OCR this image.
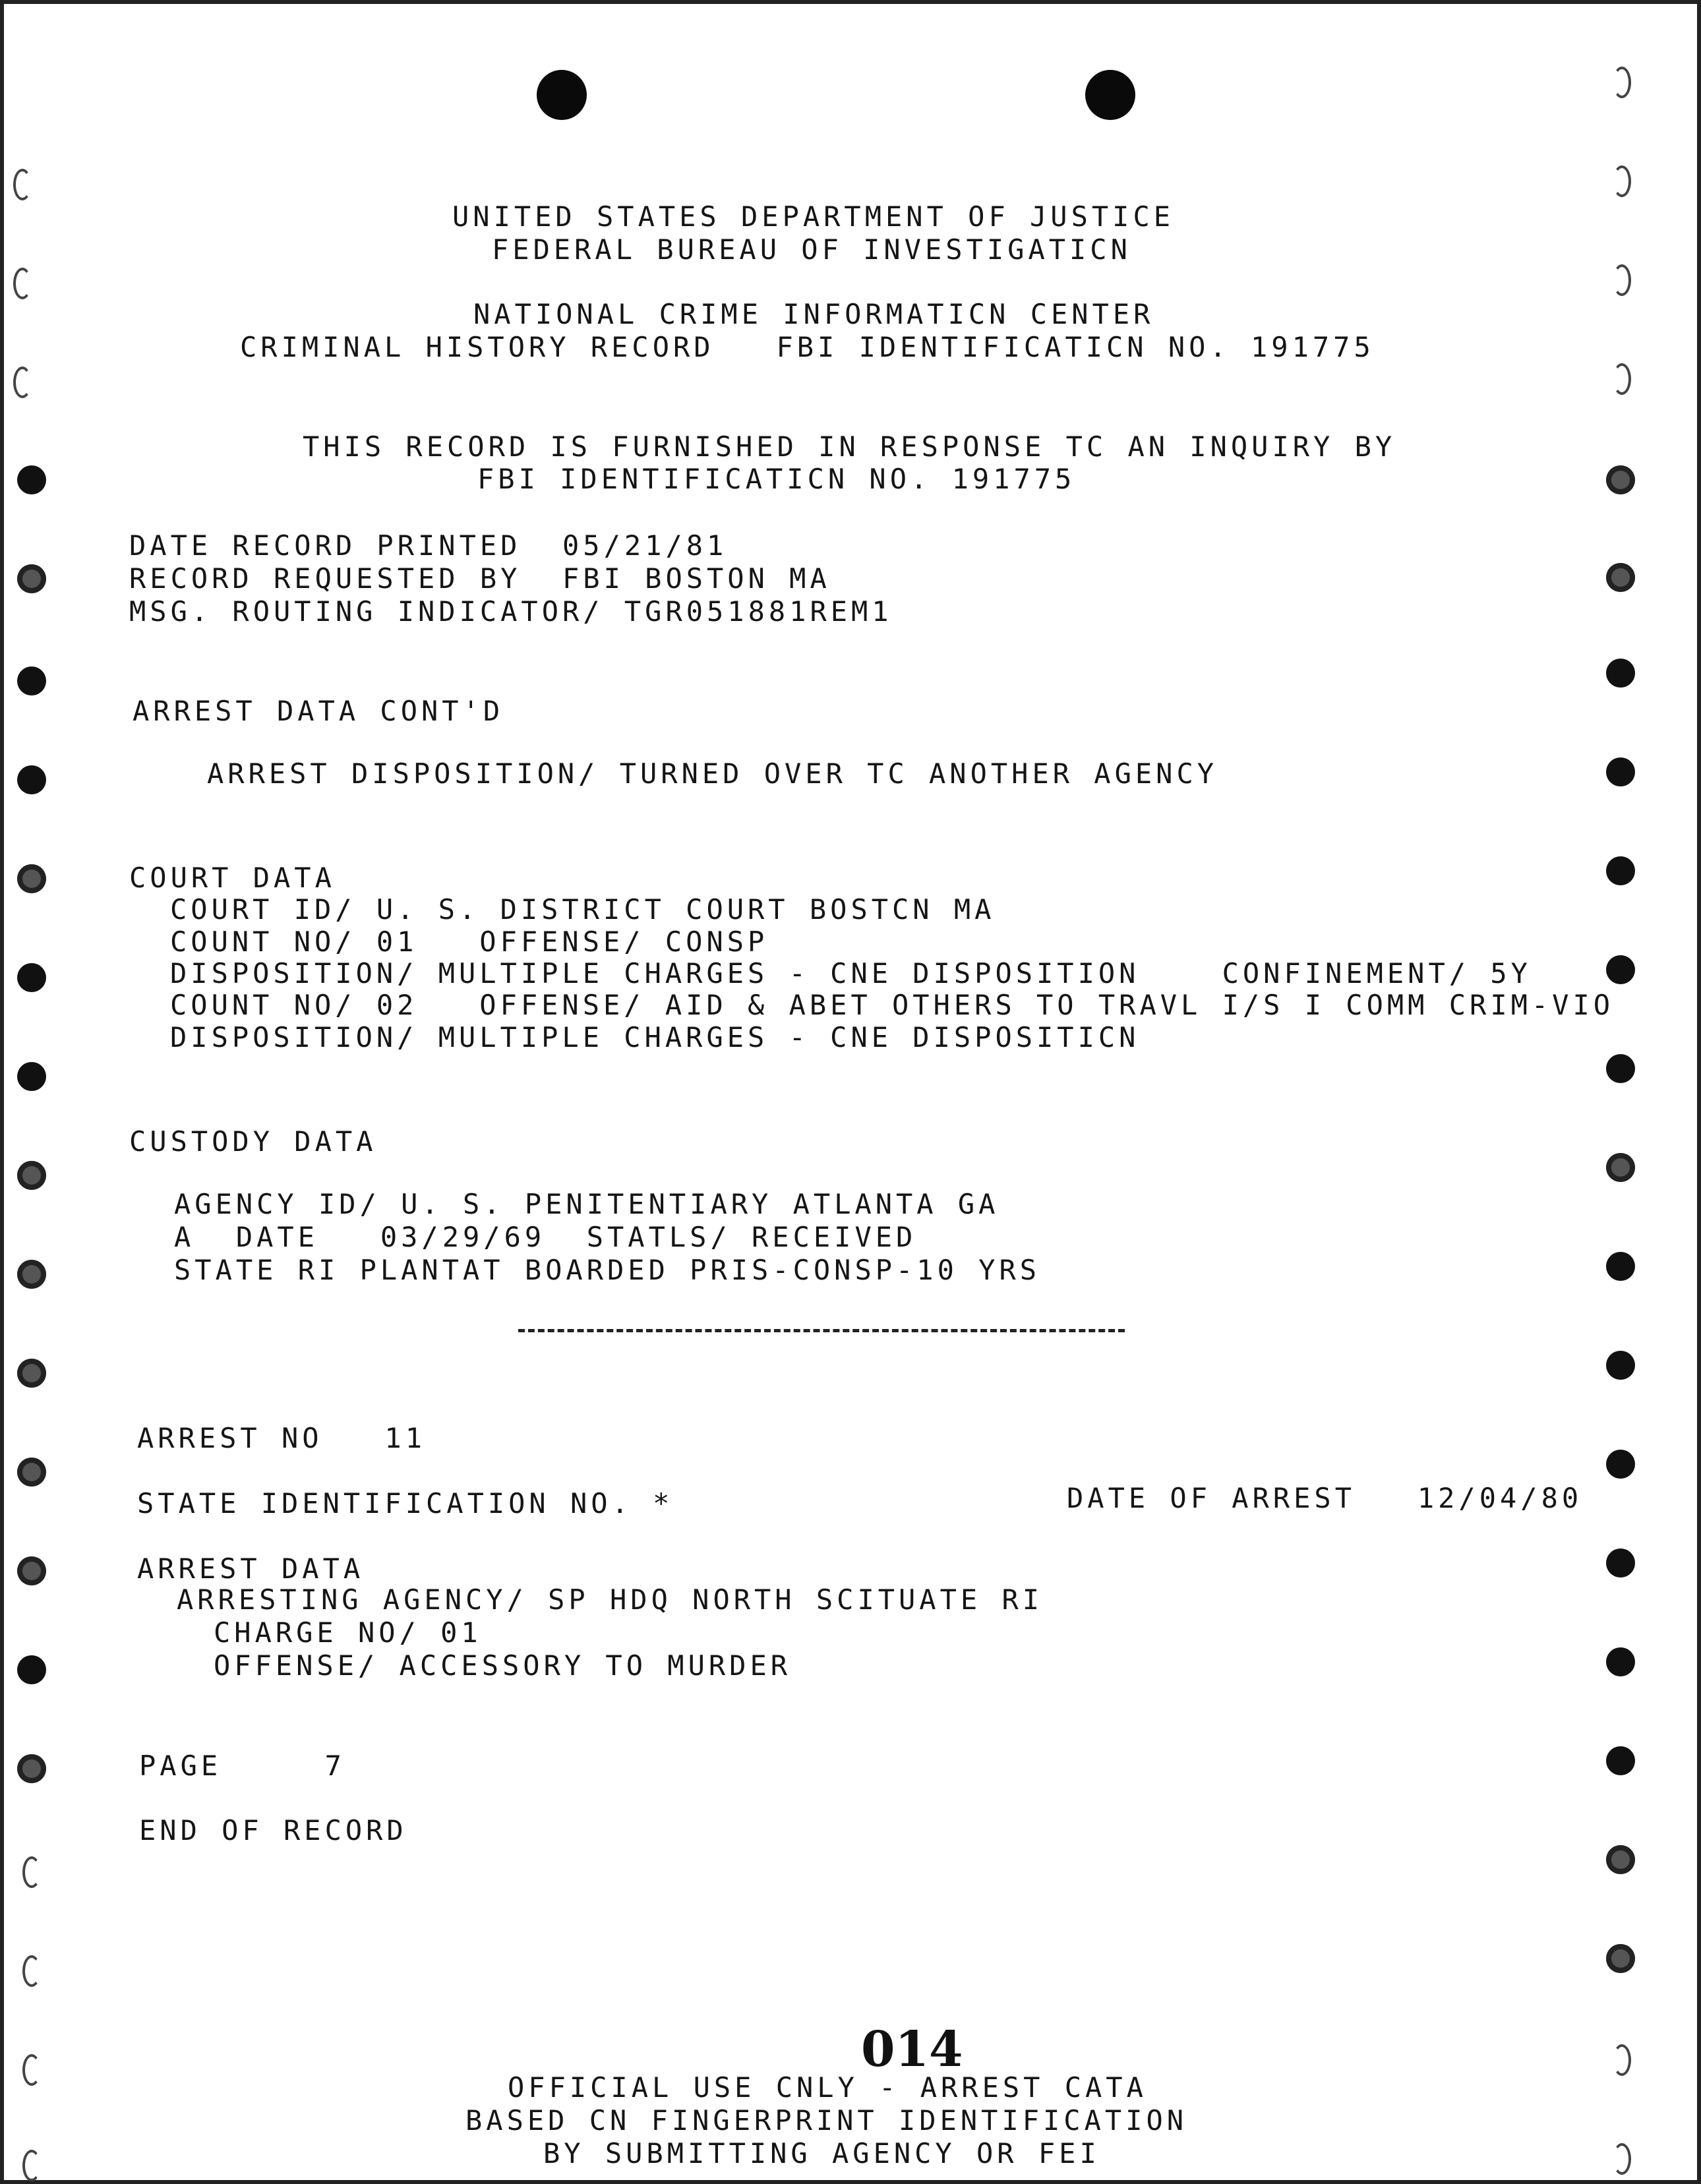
UNITED STATES DEPARTMENT OF JUSTICE
FEDERAL BUREAU OF INVESTIGATICN
NATIONAL CRIME INFORMATICN CENTER
CRIMINAL HISTORY RECORD   FBI IDENTIFICATICN NO. 191775
THIS RECORD IS FURNISHED IN RESPONSE TC AN INQUIRY BY
FBI IDENTIFICATICN NO. 191775
DATE RECORD PRINTED  05/21/81
RECORD REQUESTED BY  FBI BOSTON MA
MSG. ROUTING INDICATOR/ TGR051881REM1
ARREST DATA CONT'D
ARREST DISPOSITION/ TURNED OVER TC ANOTHER AGENCY
COURT DATA
COURT ID/ U. S. DISTRICT COURT BOSTCN MA
COUNT NO/ 01   OFFENSE/ CONSP
DISPOSITION/ MULTIPLE CHARGES - CNE DISPOSITION    CONFINEMENT/ 5Y
COUNT NO/ 02   OFFENSE/ AID & ABET OTHERS TO TRAVL I/S I COMM CRIM-VIO
DISPOSITION/ MULTIPLE CHARGES - CNE DISPOSITICN
CUSTODY DATA
AGENCY ID/ U. S. PENITENTIARY ATLANTA GA
A  DATE   03/29/69  STATLS/ RECEIVED
STATE RI PLANTAT BOARDED PRIS-CONSP-10 YRS
ARREST NO   11
STATE IDENTIFICATION NO. *	DATE OF ARREST   12/04/80
ARREST DATA
ARRESTING AGENCY/ SP HDQ NORTH SCITUATE RI
CHARGE NO/ 01
OFFENSE/ ACCESSORY TO MURDER
PAGE     7
END OF RECORD
014
OFFICIAL USE CNLY - ARREST CATA
BASED CN FINGERPRINT IDENTIFICATION
BY SUBMITTING AGENCY OR FEI
